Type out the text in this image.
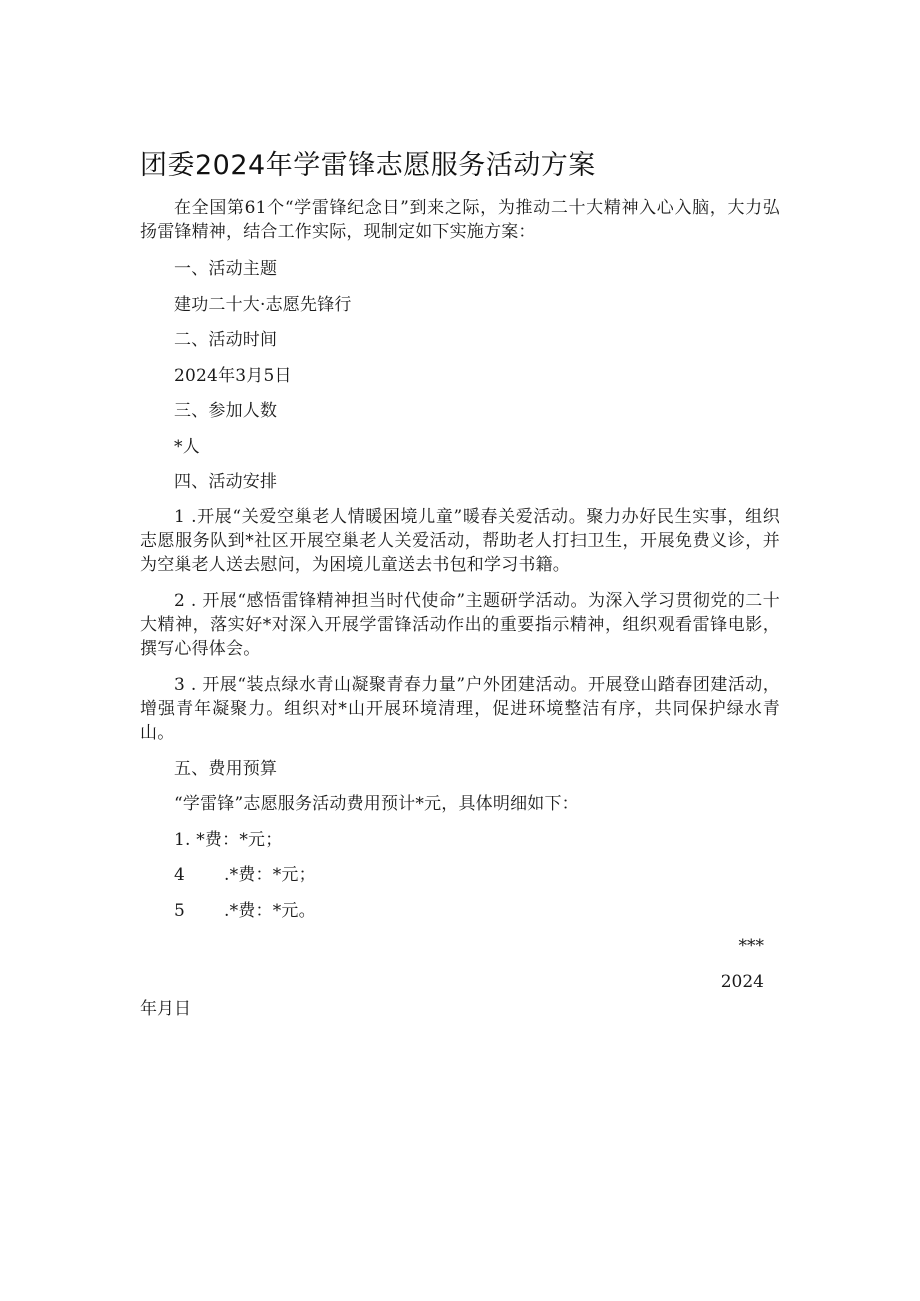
团委2024年学雷锋志愿服务活动方案
在全国第61个“学雷锋纪念日”到来之际，为推动二十大精神入心入脑，大力弘扬雷锋精神，结合工作实际，现制定如下实施方案：
一、活动主题
建功二十大·志愿先锋行
二、活动时间
2024年3月5日
三、参加人数
*人
四、活动安排
1 .开展“关爱空巢老人情暖困境儿童”暖春关爱活动。聚力办好民生实事，组织志愿服务队到*社区开展空巢老人关爱活动，帮助老人打扫卫生，开展免费义诊，并为空巢老人送去慰问，为困境儿童送去书包和学习书籍。
2 . 开展“感悟雷锋精神担当时代使命”主题研学活动。为深入学习贯彻党的二十大精神，落实好*对深入开展学雷锋活动作出的重要指示精神，组织观看雷锋电影，撰写心得体会。
3 . 开展“装点绿水青山凝聚青春力量”户外团建活动。开展登山踏春团建活动，增强青年凝聚力。组织对*山开展环境清理，促进环境整洁有序，共同保护绿水青山。
五、费用预算
“学雷锋”志愿服务活动费用预计*元，具体明细如下：
1. *费：*元；
4 .*费：*元；
5 .*费：*元。
***
2024
年月日
